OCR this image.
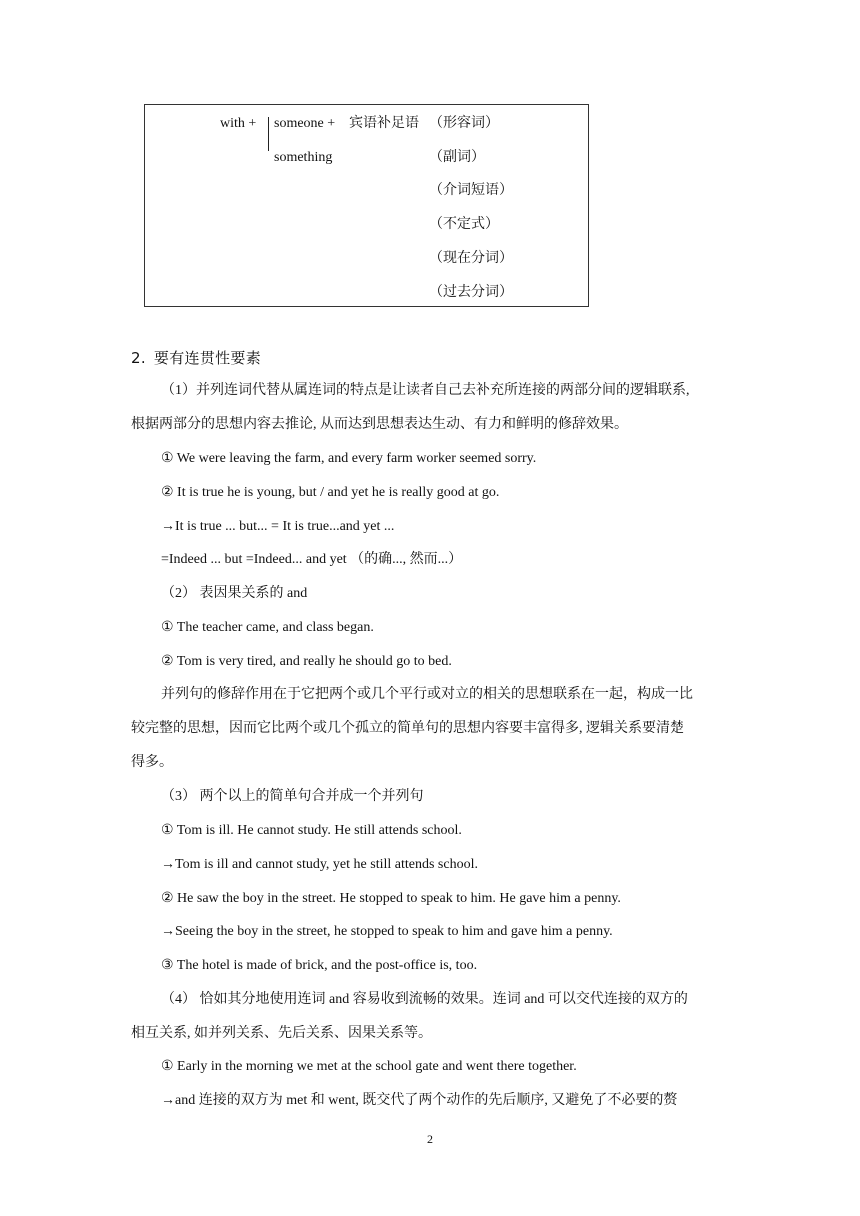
with + someone + 宾语补足语
something
（形容词）
（副词）
（介词短语）
（不定式）
（现在分词）
（过去分词）
2. 要有连贯性要素
（1）并列连词代替从属连词的特点是让读者自己去补充所连接的两部分间的逻辑联系,
根据两部分的思想内容去推论, 从而达到思想表达生动、有力和鲜明的修辞效果。
① We were leaving the farm, and every farm worker seemed sorry.
② It is true he is young, but / and yet he is really good at go.
→It is true ... but... = It is true...and yet ...
=Indeed ... but =Indeed... and yet （的确..., 然而...）
（2） 表因果关系的 and
① The teacher came, and class began.
② Tom is very tired, and really he should go to bed.
并列句的修辞作用在于它把两个或几个平行或对立的相关的思想联系在一起，构成一比
较完整的思想，因而它比两个或几个孤立的简单句的思想内容要丰富得多, 逻辑关系要清楚
得多。
（3） 两个以上的简单句合并成一个并列句
① Tom is ill. He cannot study. He still attends school.
→Tom is ill and cannot study, yet he still attends school.
② He saw the boy in the street. He stopped to speak to him. He gave him a penny.
→Seeing the boy in the street, he stopped to speak to him and gave him a penny.
③ The hotel is made of brick, and the post-office is, too.
（4） 恰如其分地使用连词 and 容易收到流畅的效果。连词 and 可以交代连接的双方的
相互关系, 如并列关系、先后关系、因果关系等。
① Early in the morning we met at the school gate and went there together.
→and 连接的双方为 met 和 went, 既交代了两个动作的先后顺序, 又避免了不必要的赘
2
